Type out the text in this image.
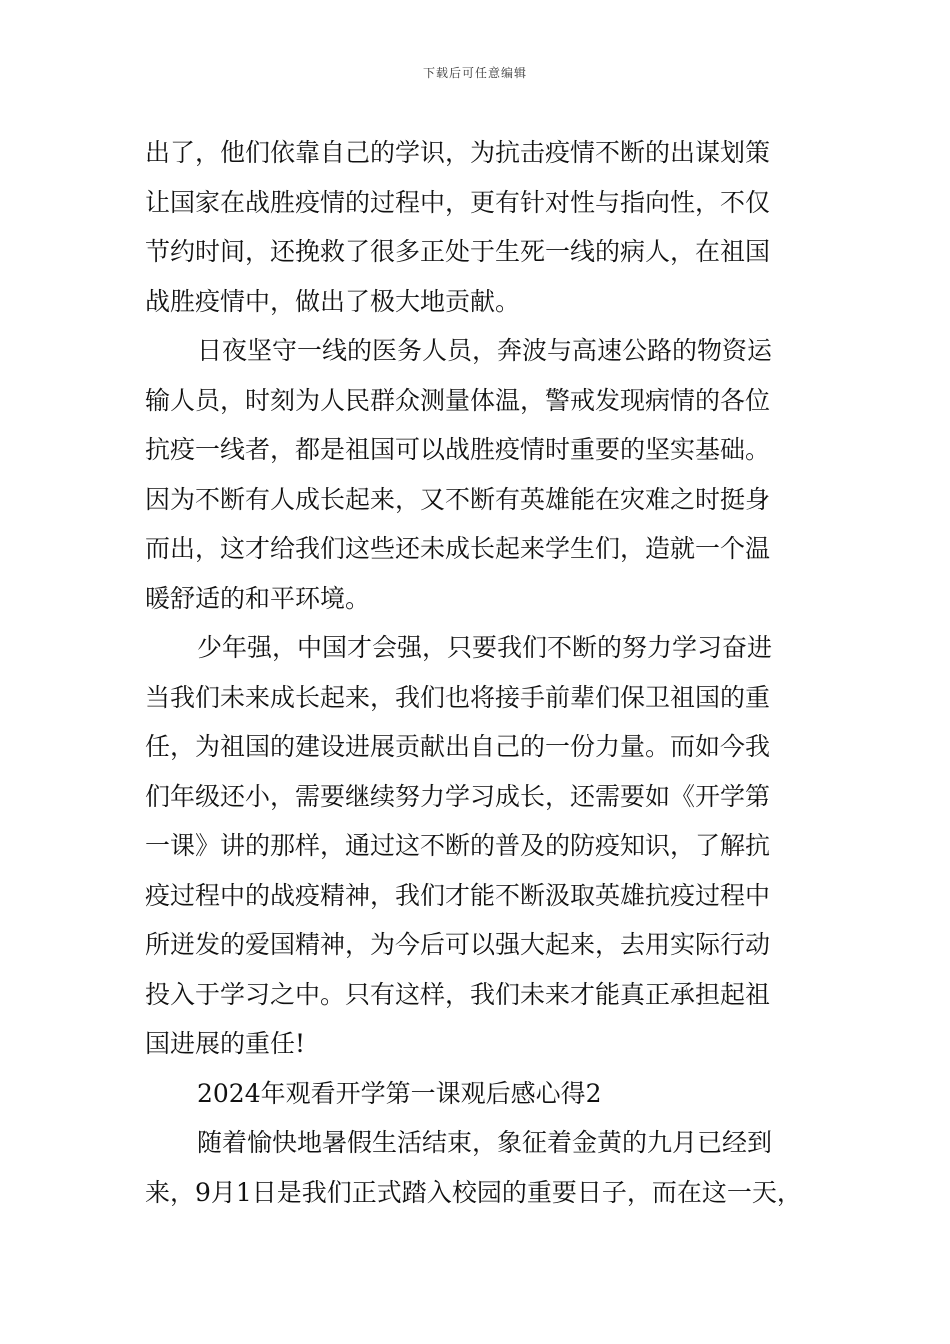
下载后可任意编辑
出了，他们依靠自己的学识，为抗击疫情不断的出谋划策
让国家在战胜疫情的过程中，更有针对性与指向性，不仅
节约时间，还挽救了很多正处于生死一线的病人，在祖国
战胜疫情中，做出了极大地贡献。
日夜坚守一线的医务人员，奔波与高速公路的物资运
输人员，时刻为人民群众测量体温，警戒发现病情的各位
抗疫一线者，都是祖国可以战胜疫情时重要的坚实基础。
因为不断有人成长起来，又不断有英雄能在灾难之时挺身
而出，这才给我们这些还未成长起来学生们，造就一个温
暖舒适的和平环境。
少年强，中国才会强，只要我们不断的努力学习奋进
当我们未来成长起来，我们也将接手前辈们保卫祖国的重
任，为祖国的建设进展贡献出自己的一份力量。而如今我
们年级还小，需要继续努力学习成长，还需要如《开学第
一课》讲的那样，通过这不断的普及的防疫知识，了解抗
疫过程中的战疫精神，我们才能不断汲取英雄抗疫过程中
所迸发的爱国精神，为今后可以强大起来，去用实际行动
投入于学习之中。只有这样，我们未来才能真正承担起祖
国进展的重任!
2024年观看开学第一课观后感心得2
随着愉快地暑假生活结束，象征着金黄的九月已经到
来，9月1日是我们正式踏入校园的重要日子，而在这一天，
